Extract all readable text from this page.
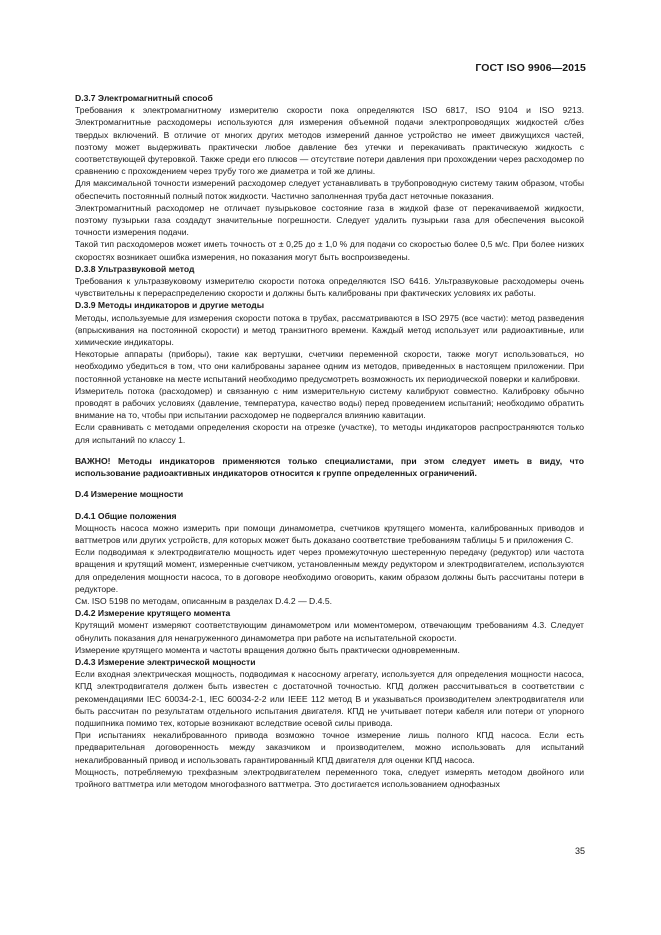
ГОСТ ISO 9906—2015

D.3.7 Электромагнитный способ

Требования к электромагнитному измерителю скорости пока определяются ISO 6817, ISO 9104 и ISO 9213. Электромагнитные расходомеры используются для измерения объемной подачи электропроводящих жидкостей с/без твердых включений. В отличие от многих других методов измерений данное устройство не имеет движущихся частей, поэтому может выдерживать практически любое давление без утечки и перекачивать практическую жидкость с соответствующей футеровкой. Также среди его плюсов — отсутствие потери давления при прохождении через расходомер по сравнению с прохождением через трубу того же диаметра и той же длины.

Для максимальной точности измерений расходомер следует устанавливать в трубопроводную систему таким образом, чтобы обеспечить постоянный полный поток жидкости. Частично заполненная труба даст неточные показания.

Электромагнитный расходомер не отличает пузырьковое состояние газа в жидкой фазе от перекачиваемой жидкости, поэтому пузырьки газа создадут значительные погрешности. Следует удалить пузырьки газа для обеспечения высокой точности измерения подачи.

Такой тип расходомеров может иметь точность от ± 0,25 до ± 1,0 % для подачи со скоростью более 0,5 м/с. При более низких скоростях возникает ошибка измерения, но показания могут быть воспроизведены.

D.3.8 Ультразвуковой метод

Требования к ультразвуковому измерителю скорости потока определяются ISO 6416. Ультразвуковые расходомеры очень чувствительны к перераспределению скорости и должны быть калиброваны при фактических условиях их работы.

D.3.9 Методы индикаторов и другие методы

Методы, используемые для измерения скорости потока в трубах, рассматриваются в ISO 2975 (все части): метод разведения (впрыскивания на постоянной скорости) и метод транзитного времени. Каждый метод использует или радиоактивные, или химические индикаторы.

Некоторые аппараты (приборы), такие как вертушки, счетчики переменной скорости, также могут использоваться, но необходимо убедиться в том, что они калиброваны заранее одним из методов, приведенных в настоящем приложении. При постоянной установке на месте испытаний необходимо предусмотреть возможность их периодической поверки и калибровки.

Измеритель потока (расходомер) и связанную с ним измерительную систему калибруют совместно. Калибровку обычно проводят в рабочих условиях (давление, температура, качество воды) перед проведением испытаний; необходимо обратить внимание на то, чтобы при испытании расходомер не подвергался влиянию кавитации.

Если сравнивать с методами определения скорости на отрезке (участке), то методы индикаторов распространяются только для испытаний по классу 1.

ВАЖНО! Методы индикаторов применяются только специалистами, при этом следует иметь в виду, что использование радиоактивных индикаторов относится к группе определенных ограничений.

D.4 Измерение мощности

D.4.1 Общие положения

Мощность насоса можно измерить при помощи динамометра, счетчиков крутящего момента, калиброванных приводов и ваттметров или других устройств, для которых может быть доказано соответствие требованиям таблицы 5 и приложения С.

Если подводимая к электродвигателю мощность идет через промежуточную шестеренную передачу (редуктор) или частота вращения и крутящий момент, измеренные счетчиком, установленным между редуктором и электродвигателем, используются для определения мощности насоса, то в договоре необходимо оговорить, каким образом должны быть рассчитаны потери в редукторе.

См. ISO 5198 по методам, описанным в разделах D.4.2 — D.4.5.

D.4.2 Измерение крутящего момента

Крутящий момент измеряют соответствующим динамометром или моментомером, отвечающим требованиям 4.3. Следует обнулить показания для ненагруженного динамометра при работе на испытательной скорости.

Измерение крутящего момента и частоты вращения должно быть практически одновременным.

D.4.3 Измерение электрической мощности

Если входная электрическая мощность, подводимая к насосному агрегату, используется для определения мощности насоса, КПД электродвигателя должен быть известен с достаточной точностью. КПД должен рассчитываться в соответствии с рекомендациями IEC 60034-2-1, IEC 60034-2-2 или IEEE 112 метод В и указываться производителем электродвигателя или быть рассчитан по результатам отдельного испытания двигателя. КПД не учитывает потери кабеля или потери от упорного подшипника помимо тех, которые возникают вследствие осевой силы привода.

При испытаниях некалиброванного привода возможно точное измерение лишь полного КПД насоса. Если есть предварительная договоренность между заказчиком и производителем, можно использовать для испытаний некалиброванный привод и использовать гарантированный КПД двигателя для оценки КПД насоса.

Мощность, потребляемую трехфазным электродвигателем переменного тока, следует измерять методом двойного или тройного ваттметра или методом многофазного ваттметра. Это достигается использованием однофазных

35
